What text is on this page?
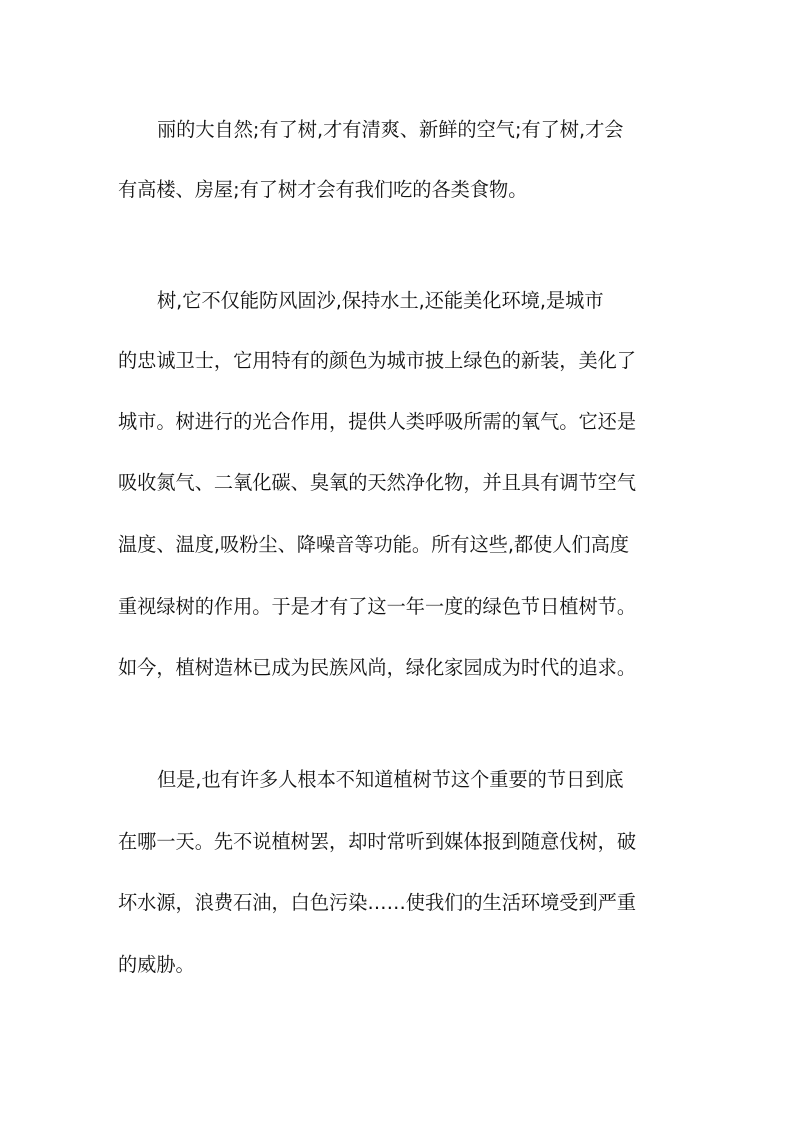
丽的大自然;有了树,才有清爽、新鲜的空气;有了树,才会
有高楼、房屋;有了树才会有我们吃的各类食物。
树,它不仅能防风固沙,保持水土,还能美化环境,是城市
的忠诚卫士，它用特有的颜色为城市披上绿色的新装，美化了
城市。树进行的光合作用，提供人类呼吸所需的氧气。它还是
吸收氮气、二氧化碳、臭氧的天然净化物，并且具有调节空气
温度、温度,吸粉尘、降噪音等功能。所有这些,都使人们高度
重视绿树的作用。于是才有了这一年一度的绿色节日植树节。
如今，植树造林已成为民族风尚，绿化家园成为时代的追求。
但是,也有许多人根本不知道植树节这个重要的节日到底
在哪一天。先不说植树罢，却时常听到媒体报到随意伐树，破
坏水源，浪费石油，白色污染……使我们的生活环境受到严重
的威胁。
